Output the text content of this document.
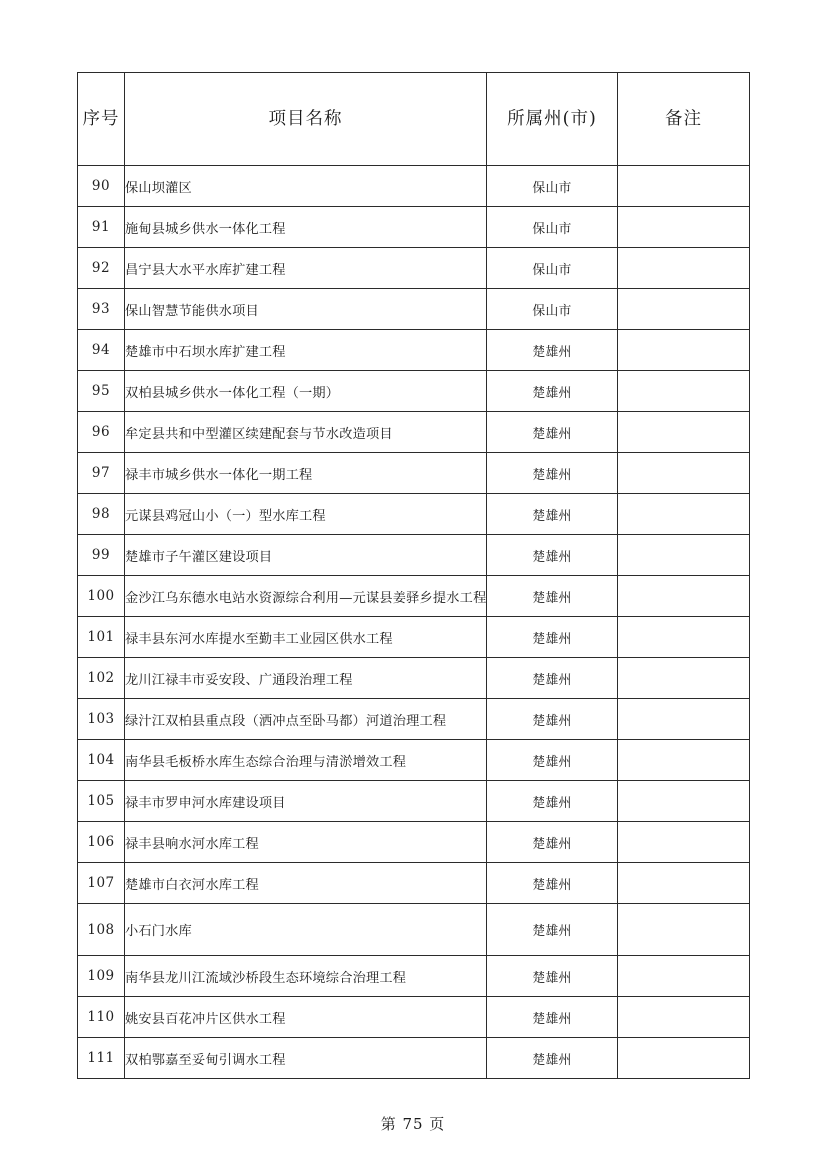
序号	项目名称	所属州(市)	备注

90	保山坝灌区	保山市	
91	施甸县城乡供水一体化工程	保山市	
92	昌宁县大水平水库扩建工程	保山市	
93	保山智慧节能供水项目	保山市	
94	楚雄市中石坝水库扩建工程	楚雄州	
95	双柏县城乡供水一体化工程（一期）	楚雄州	
96	牟定县共和中型灌区续建配套与节水改造项目	楚雄州	
97	禄丰市城乡供水一体化一期工程	楚雄州	
98	元谋县鸡冠山小（一）型水库工程	楚雄州	
99	楚雄市子午灌区建设项目	楚雄州	
100	金沙江乌东德水电站水资源综合利用—元谋县姜驿乡提水工程	楚雄州	
101	禄丰县东河水库提水至勤丰工业园区供水工程	楚雄州	
102	龙川江禄丰市妥安段、广通段治理工程	楚雄州	
103	绿汁江双柏县重点段（洒冲点至卧马都）河道治理工程	楚雄州	
104	南华县毛板桥水库生态综合治理与清淤增效工程	楚雄州	
105	禄丰市罗申河水库建设项目	楚雄州	
106	禄丰县响水河水库工程	楚雄州	
107	楚雄市白衣河水库工程	楚雄州	
108	小石门水库	楚雄州	
109	南华县龙川江流域沙桥段生态环境综合治理工程	楚雄州	
110	姚安县百花冲片区供水工程	楚雄州	
111	双柏鄂嘉至妥甸引调水工程	楚雄州	
第 75 页
